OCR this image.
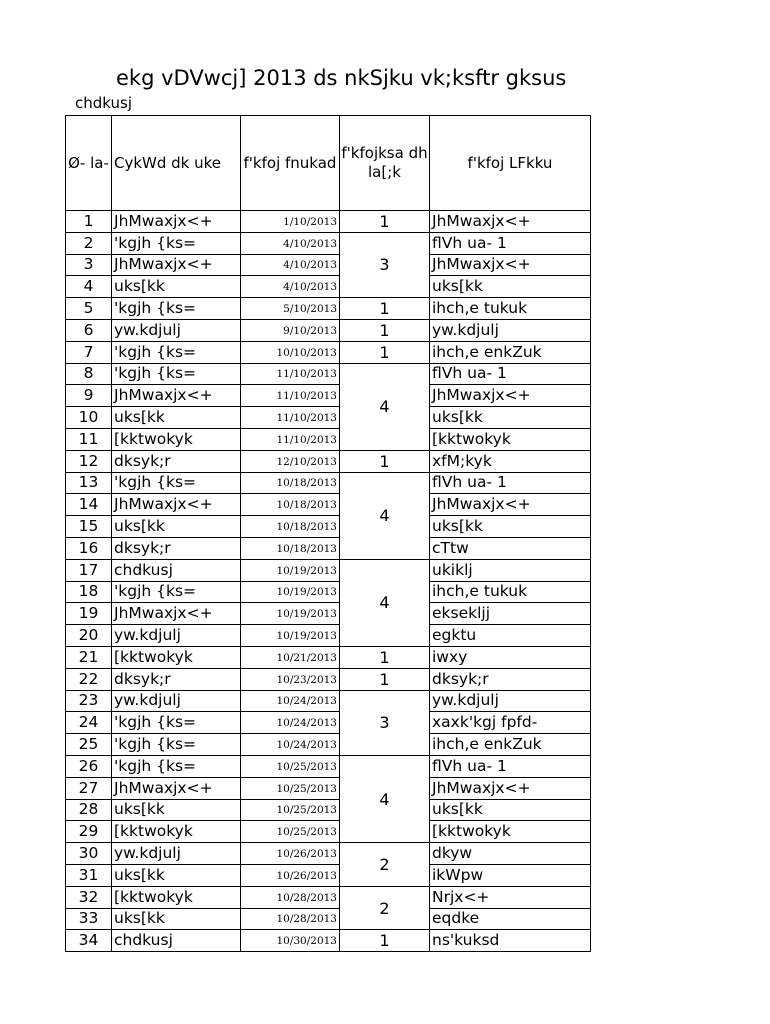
ekg vDVwcj] 2013 ds nkSjku vk;ksftr gksus
chdkusj
Ø- la-	CykWd dk uke	f'kfoj fnukad	f'kfojksa dh la[;k	f'kfoj LFkku
1	JhMwaxjx<+	1/10/2013	1	JhMwaxjx<+
2	'kgjh {ks=	4/10/2013	3	flVh ua- 1
3	JhMwaxjx<+	4/10/2013		JhMwaxjx<+
4	uks[kk	4/10/2013		uks[kk
5	'kgjh {ks=	5/10/2013	1	ihch,e tukuk
6	yw.kdjulj	9/10/2013	1	yw.kdjulj
7	'kgjh {ks=	10/10/2013	1	ihch,e enkZuk
8	'kgjh {ks=	11/10/2013	4	flVh ua- 1
9	JhMwaxjx<+	11/10/2013		JhMwaxjx<+
10	uks[kk	11/10/2013		uks[kk
11	[kktwokyk	11/10/2013		[kktwokyk
12	dksyk;r	12/10/2013	1	xfM;kyk
13	'kgjh {ks=	10/18/2013	4	flVh ua- 1
14	JhMwaxjx<+	10/18/2013		JhMwaxjx<+
15	uks[kk	10/18/2013		uks[kk
16	dksyk;r	10/18/2013		cTtw
17	chdkusj	10/19/2013	4	ukiklj
18	'kgjh {ks=	10/19/2013		ihch,e tukuk
19	JhMwaxjx<+	10/19/2013		eksekljj
20	yw.kdjulj	10/19/2013		egktu
21	[kktwokyk	10/21/2013	1	iwxy
22	dksyk;r	10/23/2013	1	dksyk;r
23	yw.kdjulj	10/24/2013	3	yw.kdjulj
24	'kgjh {ks=	10/24/2013		xaxk'kgj fpfd-
25	'kgjh {ks=	10/24/2013		ihch,e enkZuk
26	'kgjh {ks=	10/25/2013	4	flVh ua- 1
27	JhMwaxjx<+	10/25/2013		JhMwaxjx<+
28	uks[kk	10/25/2013		uks[kk
29	[kktwokyk	10/25/2013		[kktwokyk
30	yw.kdjulj	10/26/2013	2	dkyw
31	uks[kk	10/26/2013		ikWpw
32	[kktwokyk	10/28/2013	2	Nrjx<+
33	uks[kk	10/28/2013		eqdke
34	chdkusj	10/30/2013	1	ns'kuksd
